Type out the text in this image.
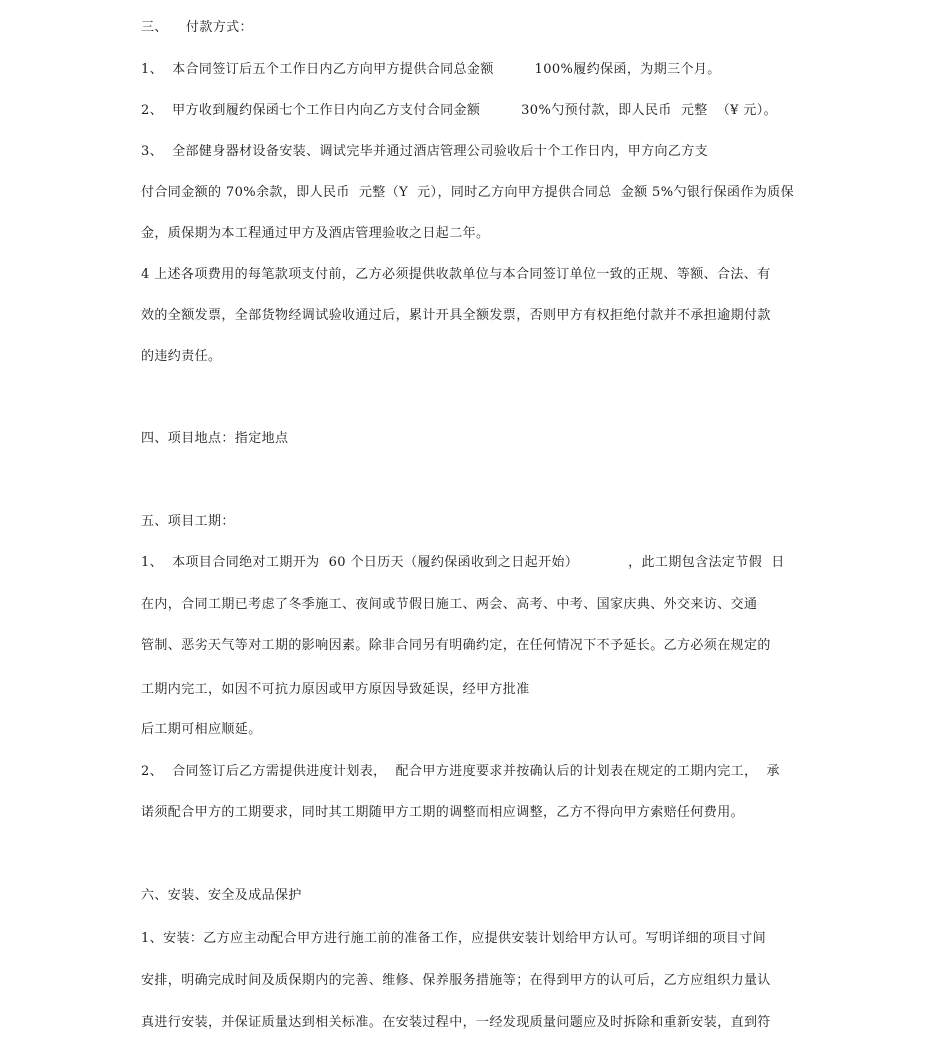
三、    付款方式：
1、  本合同签订后五个工作日内乙方向甲方提供合同总金额         100%履约保函，为期三个月。
2、  甲方收到履约保函七个工作日内向乙方支付合同金额         30%勺预付款，即人民币  元整  （¥ 元）。
3、  全部健身器材设备安装、调试完毕并通过酒店管理公司验收后十个工作日内，甲方向乙方支
付合同金额的 70%余款，即人民币  元整（Y  元），同时乙方向甲方提供合同总  金额 5%勺银行保函作为质保
金，质保期为本工程通过甲方及酒店管理验收之日起二年。
4 上述各项费用的每笔款项支付前，乙方必须提供收款单位与本合同签订单位一致的正规、等额、合法、有
效的全额发票，全部货物经调试验收通过后，累计开具全额发票，否则甲方有权拒绝付款并不承担逾期付款
的违约责任。
四、项目地点：指定地点
五、项目工期：
1、  本项目合同绝对工期开为  60 个日历天（履约保函收到之日起开始）           ，此工期包含法定节假  日
在内，合同工期已考虑了冬季施工、夜间或节假日施工、两会、高考、中考、国家庆典、外交来访、交通
管制、恶劣天气等对工期的影响因素。除非合同另有明确约定，在任何情况下不予延长。乙方必须在规定的
工期内完工，如因不可抗力原因或甲方原因导致延误，经甲方批准
后工期可相应顺延。
2、  合同签订后乙方需提供进度计划表，  配合甲方进度要求并按确认后的计划表在规定的工期内完工，  承
诺须配合甲方的工期要求，同时其工期随甲方工期的调整而相应调整，乙方不得向甲方索赔任何费用。
六、安装、安全及成品保护
1、安装：乙方应主动配合甲方进行施工前的准备工作，应提供安装计划给甲方认可。写明详细的项目寸间
安排，明确完成时间及质保期内的完善、维修、保养服务措施等；在得到甲方的认可后，乙方应组织力量认
真进行安装，并保证质量达到相关标准。在安装过程中，一经发现质量问题应及时拆除和重新安装，直到符
